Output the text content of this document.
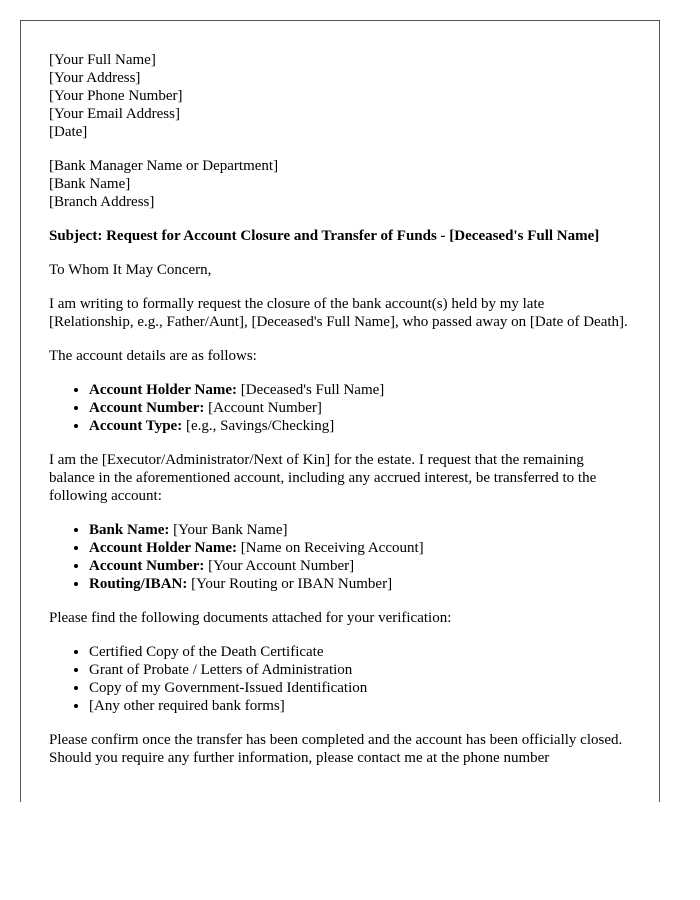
[Your Full Name]
[Your Address]
[Your Phone Number]
[Your Email Address]
[Date]
[Bank Manager Name or Department]
[Bank Name]
[Branch Address]
Subject: Request for Account Closure and Transfer of Funds - [Deceased's Full Name]

To Whom It May Concern,

I am writing to formally request the closure of the bank account(s) held by my late [Relationship, e.g., Father/Aunt], [Deceased's Full Name], who passed away on [Date of Death].

The account details are as follows:

• Account Holder Name: [Deceased's Full Name]
• Account Number: [Account Number]
• Account Type: [e.g., Savings/Checking]

I am the [Executor/Administrator/Next of Kin] for the estate. I request that the remaining balance in the aforementioned account, including any accrued interest, be transferred to the following account:

• Bank Name: [Your Bank Name]
• Account Holder Name: [Name on Receiving Account]
• Account Number: [Your Account Number]
• Routing/IBAN: [Your Routing or IBAN Number]

Please find the following documents attached for your verification:

• Certified Copy of the Death Certificate
• Grant of Probate / Letters of Administration
• Copy of my Government-Issued Identification
• [Any other required bank forms]

Please confirm once the transfer has been completed and the account has been officially closed. Should you require any further information, please contact me at the phone number
